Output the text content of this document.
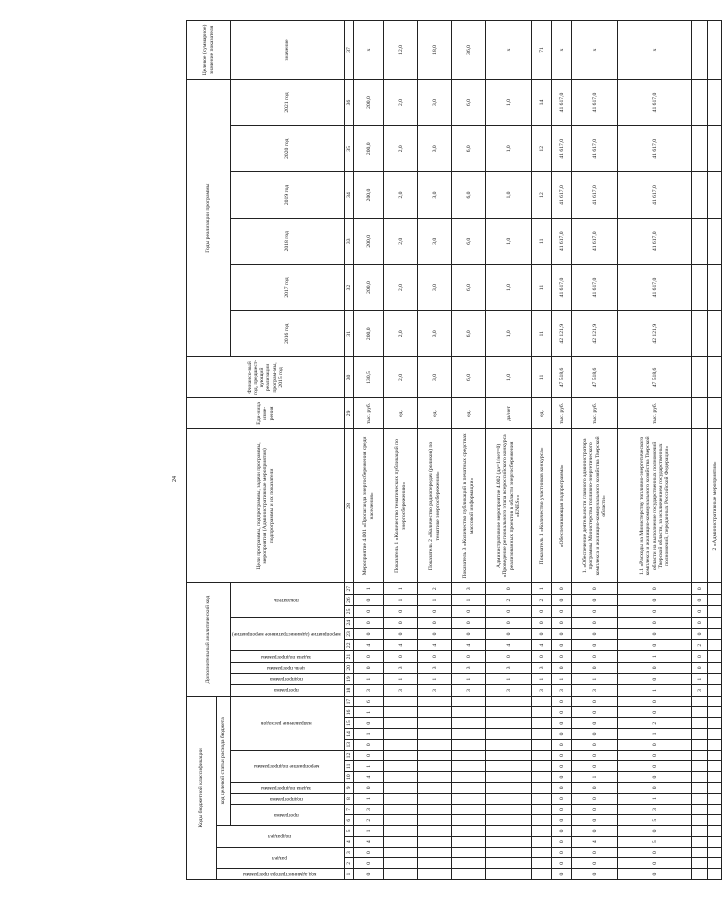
24
Коды бюджетной классификации																	Дополнительный аналитический код										Цели программы, подпрограммы, задачи программы, мероприятия (Административные мероприятия) подпрограммы и их показатели	Еди-ница изме-рения	Финансо-вый год, предшест-вующий реализации програм-мы, 2015 год	Годы реализации программы						Целевое (суммарное) значение показателя
код администратора программы	раздел		подраздел		код целевой статьи расхода бюджета																															
					программа		подпрограмма	задача подпрограммы	мероприятие подпрограммы			направление расходов					программа	подпрограмма	цель программы	задача подпрограммы	мероприятие (административное мероприятие)			показатель						2016 год	2017 год	2018 год	2019 год	2020 год	2021 год	значение
1	2	3	4	5	6	7	8	9	10	11	12	13	14	15	16	17	18	19	20	21	22	23	24	25	26	27	28	29	30	31	32	33	34	35	36	37
0	0	0	4	1	2	3	1	0	4	1	0	0	1	0	1	6	3	1	0	0	4	0	0	0	0	1	Мероприятие 4.001 «Пропаганда энергосбережения среди населения»	тыс. руб.	130,5	200,0	200,0	200,0	200,0	200,0	200,0	х
																	3	1	3	0	4	0	0	0	1	1	Показатель 1 «Количество тематических публикаций по энергосбережению»	ед.	2,0	2,0	2,0	2,0	2,0	2,0	2,0	12,0
																	3	1	3	0	4	0	0	0	1	2	Показатель 2 «Количество радиопередач (роликов) по тематике энергосбережения»	ед.	3,0	3,0	3,0	3,0	3,0	3,0	3,0	18,0
																	3	1	3	0	4	0	0	0	1	3	Показатель 3 «Количество публикаций в печатных средствах массовой информации»	ед.	6,0	6,0	6,0	6,0	6,0	6,0	6,0	36,0
																	3	1	3	0	4	0	0	0	2	0	Административное мероприятие 4.002 (да=1/нет=0) «Проведение регионального этапа всероссийского конкурса реализованных проектов в области энергосбережения «ENES»»	да/нет	1,0	1,0	1,0	1,0	1,0	1,0	1,0	х
																	3	1	3	0	4	0	0	0	2	1	Показатель 1 «Количество участников конкурса»	ед.	11	11	11	11	12	12	14	71
0	0	0	0	0	0	0	0	0	0	0	0	0	0	0	0	0	3	1	0	0	0	0	0	0	0	0	«Обеспечивающая подпрограмма»	тыс. руб.	47 518,6	42 121,9	41 617,0	41 617,0	41 617,0	41 617,0	41 617,0	х
0	0	0	4	0	0	0	0	0	1	0	0	0	0	0	0	0	3	1	0	0	0	0	0	0	0	0	1. «Обеспечение деятельности главного администратора программы Министерства топливно-энергетического комплекса и жилищно-коммунального хозяйства Тверской области»	тыс. руб.	47 518,6	42 121,9	41 617,0	41 617,0	41 617,0	41 617,0	41 617,0	х
0	0	0	5	0	5	3	1	0	0	0	0	0	1	2	0	0	1	0	0	1	0	0	0	0	0	0	1.1 «Расходы на Министерству топливно-энергетического комплекса и жилищно-коммунального хозяйства Тверской области на выполнение государственных полномочий Тверской области, за исключением государственных полномочий, переданных Российской Федерации»	тыс. руб.	47 518,6	42 121,9	41 617,0	41 617,0	41 617,0	41 617,0	41 617,0	х
																	3	1	0	0	2	0	0	0	0	0										
																											2 «Административные мероприятия»									
